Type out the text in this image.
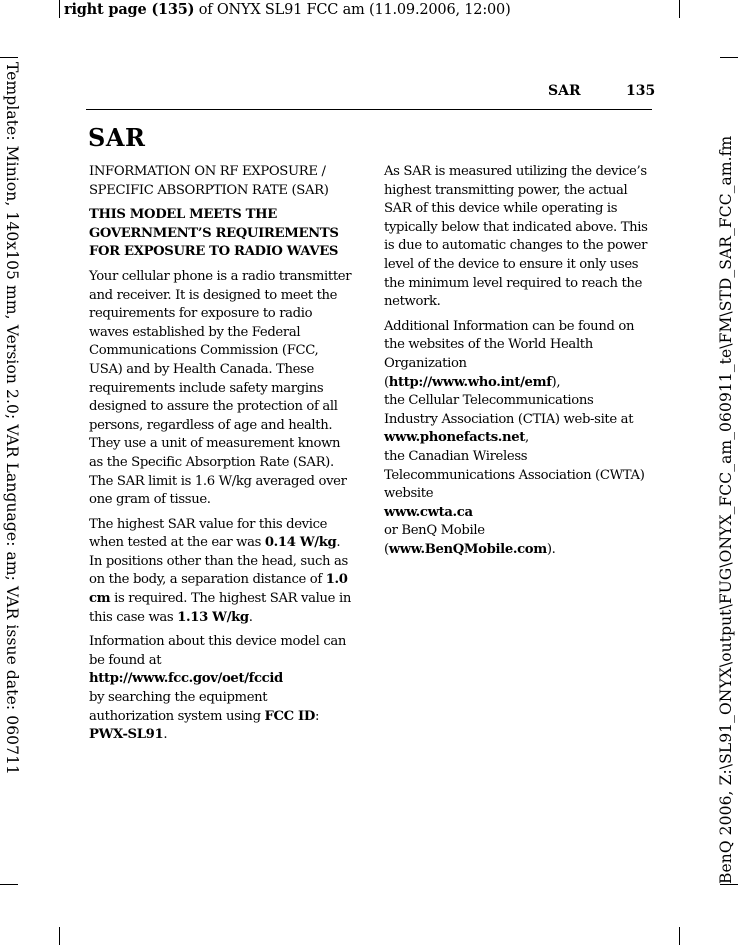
right page (135) of ONYX SL91 FCC am (11.09.2006, 12:00)
Template: Minion, 140x105 mm, Version 2.0; VAR Language: am; VAR issue date: 060711	BenQ 2006, Z:\SL91_ONYX\output\FUG\ONYX_FCC_am_060911_te\FM\STD_SAR_FCC_am.fm
SAR	135
SAR

INFORMATION ON RF EXPOSURE / SPECIFIC ABSORPTION RATE (SAR)

THIS MODEL MEETS THE GOVERNMENT’S REQUIREMENTS FOR EXPOSURE TO RADIO WAVES

Your cellular phone is a radio transmitter and receiver. It is designed to meet the requirements for exposure to radio waves established by the Federal Communications Commission (FCC, USA) and by Health Canada. These requirements include safety margins designed to assure the protection of all persons, regardless of age and health. They use a unit of measurement known as the Specific Absorption Rate (SAR). The SAR limit is 1.6 W/kg averaged over one gram of tissue.

The highest SAR value for this device when tested at the ear was 0.14 W/kg. In positions other than the head, such as on the body, a separation distance of 1.0 cm is required. The highest SAR value in this case was 1.13 W/kg.

Information about this device model can be found at http://www.fcc.gov/oet/fccid
by searching the equipment authorization system using FCC ID: PWX-SL91.

As SAR is measured utilizing the device’s highest transmitting power, the actual SAR of this device while operating is typically below that indicated above. This is due to automatic changes to the power level of the device to ensure it only uses the minimum level required to reach the network.

Additional Information can be found on the websites of the World Health Organization
(http://www.who.int/emf),
the Cellular Telecommunications Industry Association (CTIA) web-site at
www.phonefacts.net,
the Canadian Wireless Telecommunications Association (CWTA) website
www.cwta.ca
or BenQ Mobile
(www.BenQMobile.com).
